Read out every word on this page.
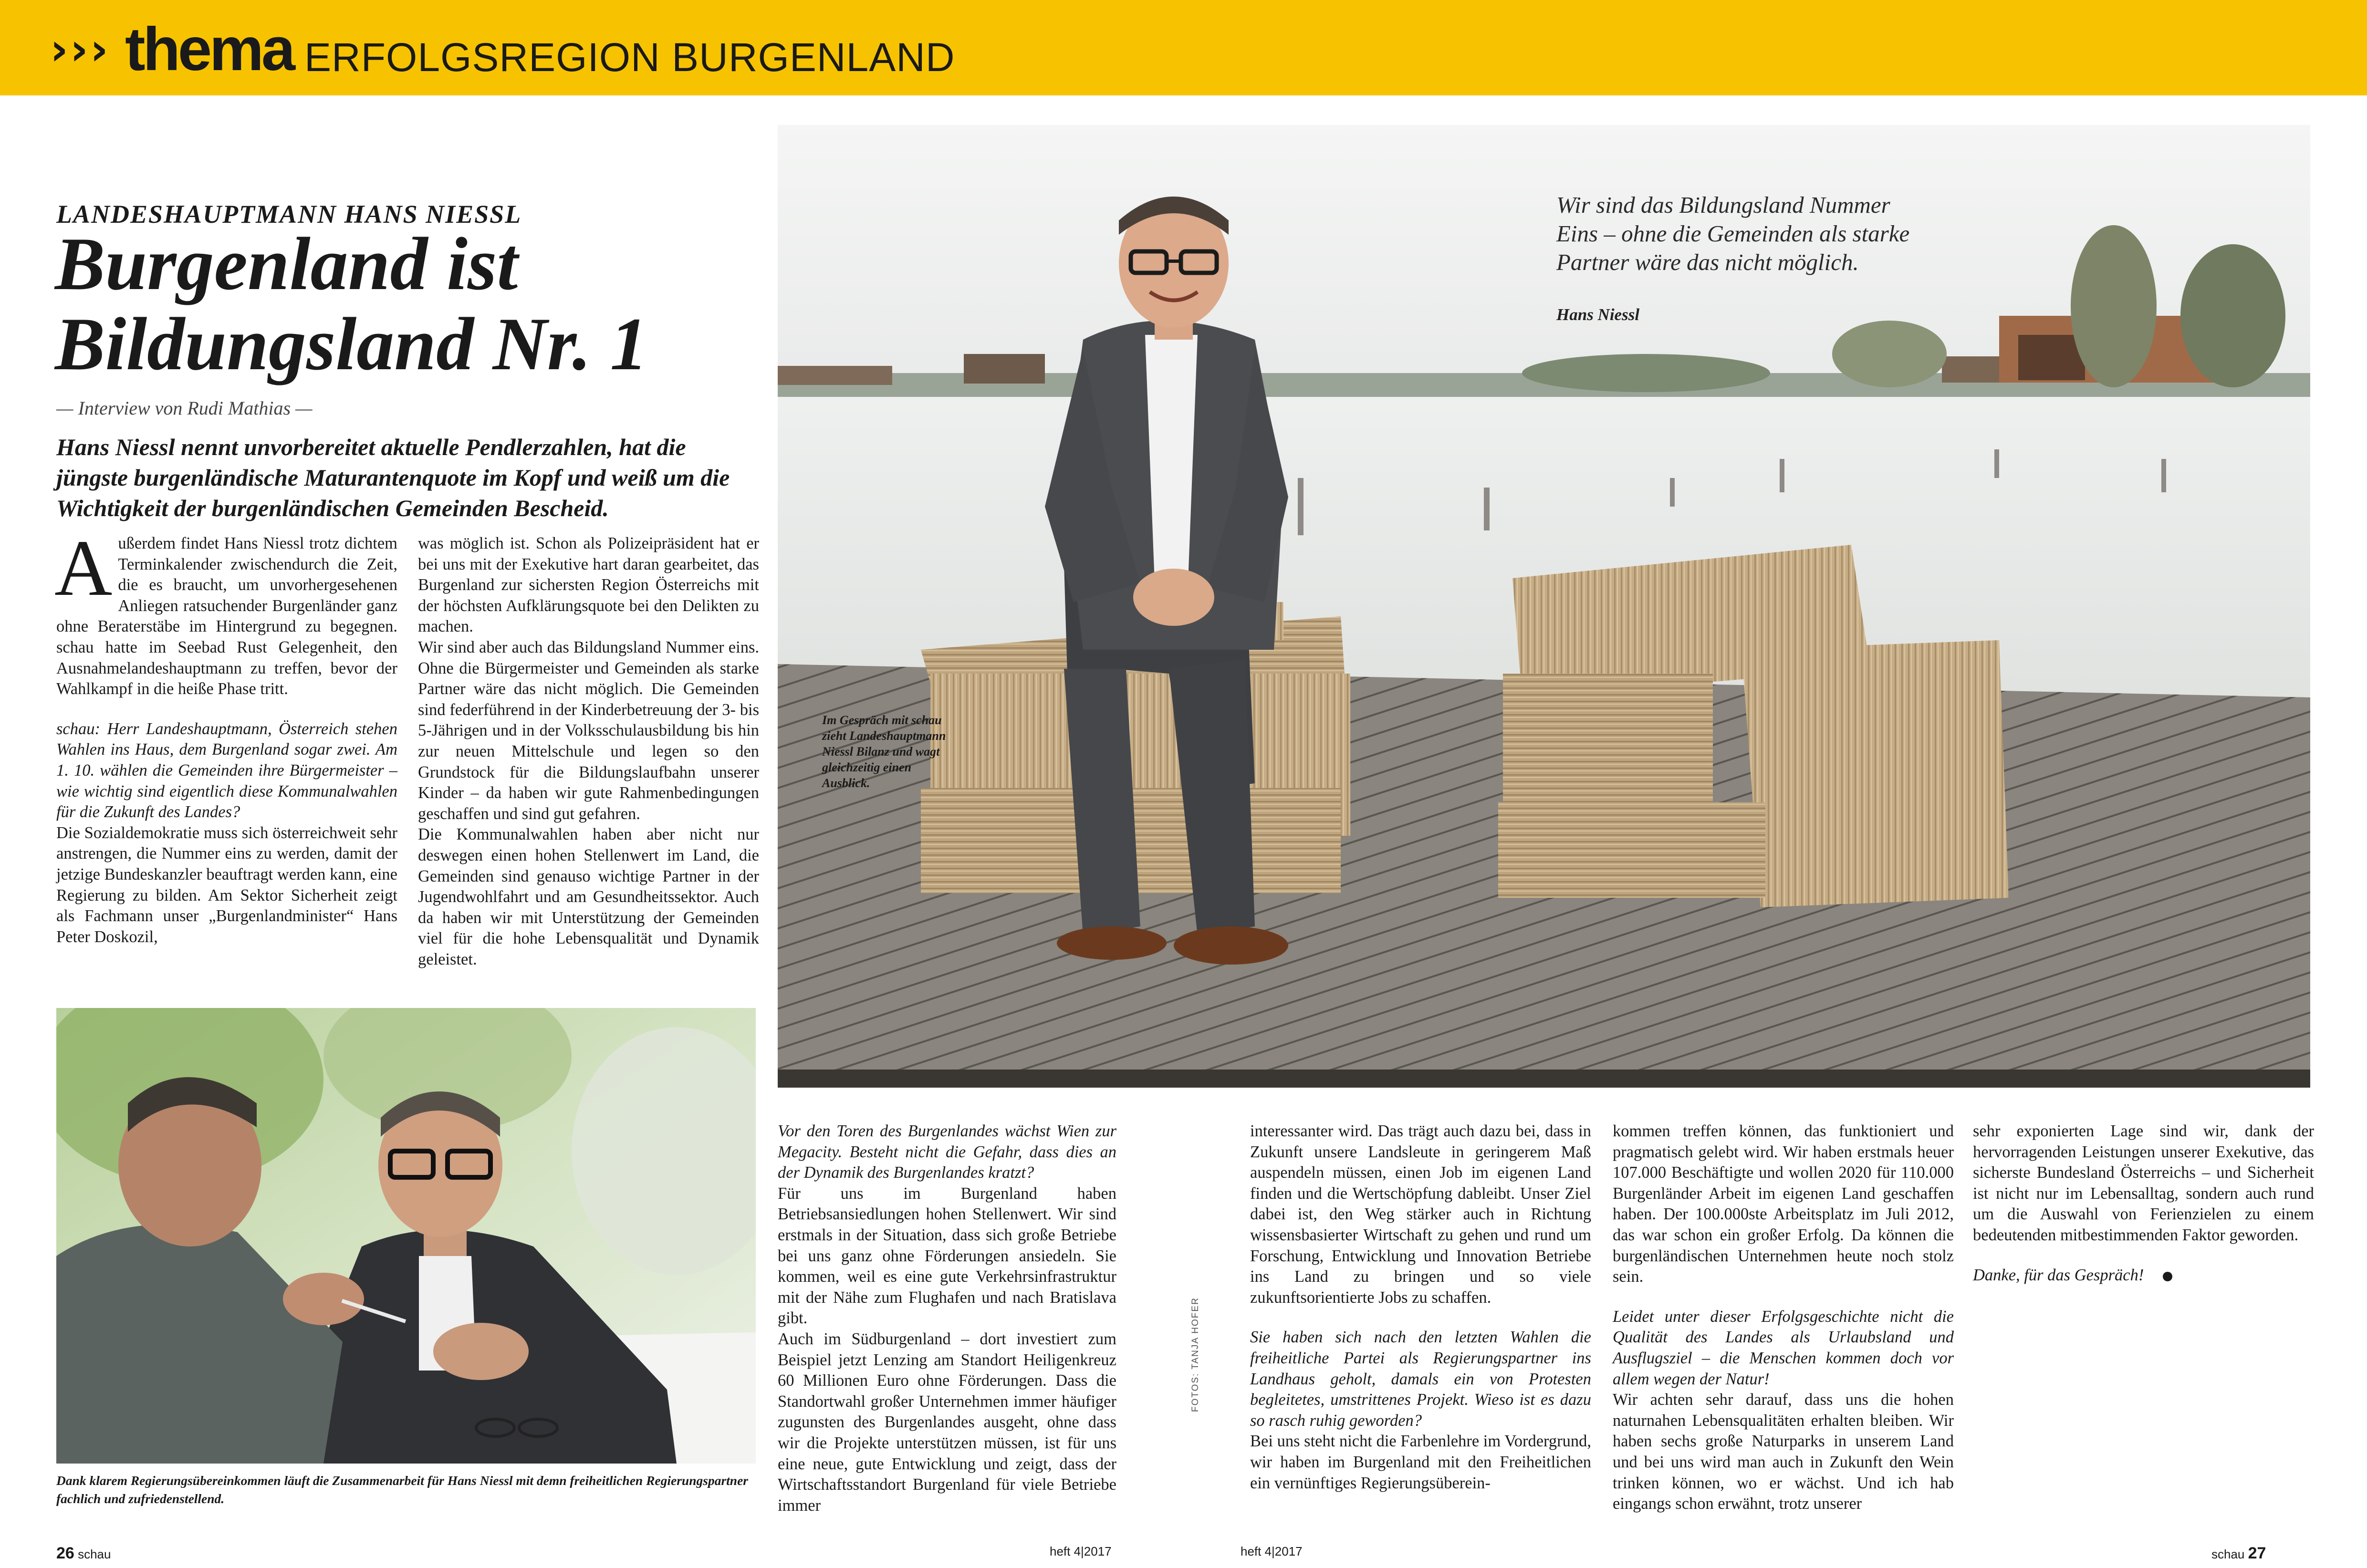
››› thema ERFOLGSREGION BURGENLAND
LANDESHAUPTMANN HANS NIESSL
Burgenland ist
Bildungsland Nr. 1
— Interview von Rudi Mathias —
Hans Niessl nennt unvorbereitet aktuelle Pendlerzahlen, hat die jüngste burgenländische Maturantenquote im Kopf und weiß um die Wichtigkeit der burgenländischen Gemeinden Bescheid.

Außerdem findet Hans Niessl trotz dichtem Terminkalender zwischendurch die Zeit, die es braucht, um unvorhergesehenen Anliegen ratsuchender Burgenländer ganz ohne Beraterstäbe im Hintergrund zu begegnen. schau hatte im Seebad Rust Gelegenheit, den Ausnahmelandeshauptmann zu treffen, bevor der Wahlkampf in die heiße Phase tritt.

schau: Herr Landeshauptmann, Österreich stehen Wahlen ins Haus, dem Burgenland sogar zwei. Am 1. 10. wählen die Gemeinden ihre Bürgermeister – wie wichtig sind eigentlich diese Kommunalwahlen für die Zukunft des Landes?

Die Sozialdemokratie muss sich österreichweit sehr anstrengen, die Nummer eins zu werden, damit der jetzige Bundeskanzler beauftragt werden kann, eine Regierung zu bilden. Am Sektor Sicherheit zeigt als Fachmann unser „Burgenlandminister“ Hans Peter Doskozil,

was möglich ist. Schon als Polizeipräsident hat er bei uns mit der Exekutive hart daran gearbeitet, das Burgenland zur sichersten Region Österreichs mit der höchsten Aufklärungsquote bei den Delikten zu machen.

Wir sind aber auch das Bildungsland Nummer eins. Ohne die Bürgermeister und Gemeinden als starke Partner wäre das nicht möglich. Die Gemeinden sind federführend in der Kinderbetreuung der 3- bis 5-Jährigen und in der Volksschulausbildung bis hin zur neuen Mittelschule und legen so den Grundstock für die Bildungslaufbahn unserer Kinder – da haben wir gute Rahmenbedingungen geschaffen und sind gut gefahren.

Die Kommunalwahlen haben aber nicht nur deswegen einen hohen Stellenwert im Land, die Gemeinden sind genauso wichtige Partner in der Jugendwohlfahrt und am Gesundheitssektor. Auch da haben wir mit Unterstützung der Gemeinden viel für die hohe Lebensqualität und Dynamik geleistet.

Wir sind das Bildungsland Nummer Eins – ohne die Gemeinden als starke Partner wäre das nicht möglich.
Hans Niessl
Im Gespräch mit schau zieht Landeshauptmann Niessl Bilanz und wagt gleichzeitig einen Ausblick.
Dank klarem Regierungsübereinkommen läuft die Zusammenarbeit für Hans Niessl mit demn freiheitlichen Regierungspartner fachlich und zufriedenstellend.

Vor den Toren des Burgenlandes wächst Wien zur Megacity. Besteht nicht die Gefahr, dass dies an der Dynamik des Burgenlandes kratzt?

Für uns im Burgenland haben Betriebsansiedlungen hohen Stellenwert. Wir sind erstmals in der Situation, dass sich große Betriebe bei uns ganz ohne Förderungen ansiedeln. Sie kommen, weil es eine gute Verkehrsinfrastruktur mit der Nähe zum Flughafen und nach Bratislava gibt.

Auch im Südburgenland – dort investiert zum Beispiel jetzt Lenzing am Standort Heiligenkreuz 60 Millionen Euro ohne Förderungen. Dass die Standortwahl großer Unternehmen immer häufiger zugunsten des Burgenlandes ausgeht, ohne dass wir die Projekte unterstützen müssen, ist für uns eine neue, gute Entwicklung und zeigt, dass der Wirtschaftsstandort Burgenland für viele Betriebe immer

FOTOS: TANJA HOFER

interessanter wird. Das trägt auch dazu bei, dass in Zukunft unsere Landsleute in geringerem Maß auspendeln müssen, einen Job im eigenen Land finden und die Wertschöpfung dableibt. Unser Ziel dabei ist, den Weg stärker auch in Richtung wissensbasierter Wirtschaft zu gehen und rund um Forschung, Entwicklung und Innovation Betriebe ins Land zu bringen und so viele zukunftsorientierte Jobs zu schaffen.

Sie haben sich nach den letzten Wahlen die freiheitliche Partei als Regierungspartner ins Landhaus geholt, damals ein von Protesten begleitetes, umstrittenes Projekt. Wieso ist es dazu so rasch ruhig geworden?

Bei uns steht nicht die Farbenlehre im Vordergrund, wir haben im Burgenland mit den Freiheitlichen ein vernünftiges Regierungsüberein-

kommen treffen können, das funktioniert und pragmatisch gelebt wird. Wir haben erstmals heuer 107.000 Beschäftigte und wollen 2020 für 110.000 Burgenländer Arbeit im eigenen Land geschaffen haben. Der 100.000ste Arbeitsplatz im Juli 2012, das war schon ein großer Erfolg. Da können die burgenländischen Unternehmen heute noch stolz sein.

Leidet unter dieser Erfolgsgeschichte nicht die Qualität des Landes als Urlaubsland und Ausflugsziel – die Menschen kommen doch vor allem wegen der Natur!

Wir achten sehr darauf, dass uns die hohen naturnahen Lebensqualitäten erhalten bleiben. Wir haben sechs große Naturparks in unserem Land und bei uns wird man auch in Zukunft den Wein trinken können, wo er wächst. Und ich hab eingangs schon erwähnt, trotz unserer

sehr exponierten Lage sind wir, dank der hervorragenden Leistungen unserer Exekutive, das sicherste Bundesland Österreichs – und Sicherheit ist nicht nur im Lebensalltag, sondern auch rund um die Auswahl von Ferienzielen zu einem bedeutenden mitbestimmenden Faktor geworden.

Danke, für das Gespräch!

26 schau	heft 4|2017	heft 4|2017	schau 27
